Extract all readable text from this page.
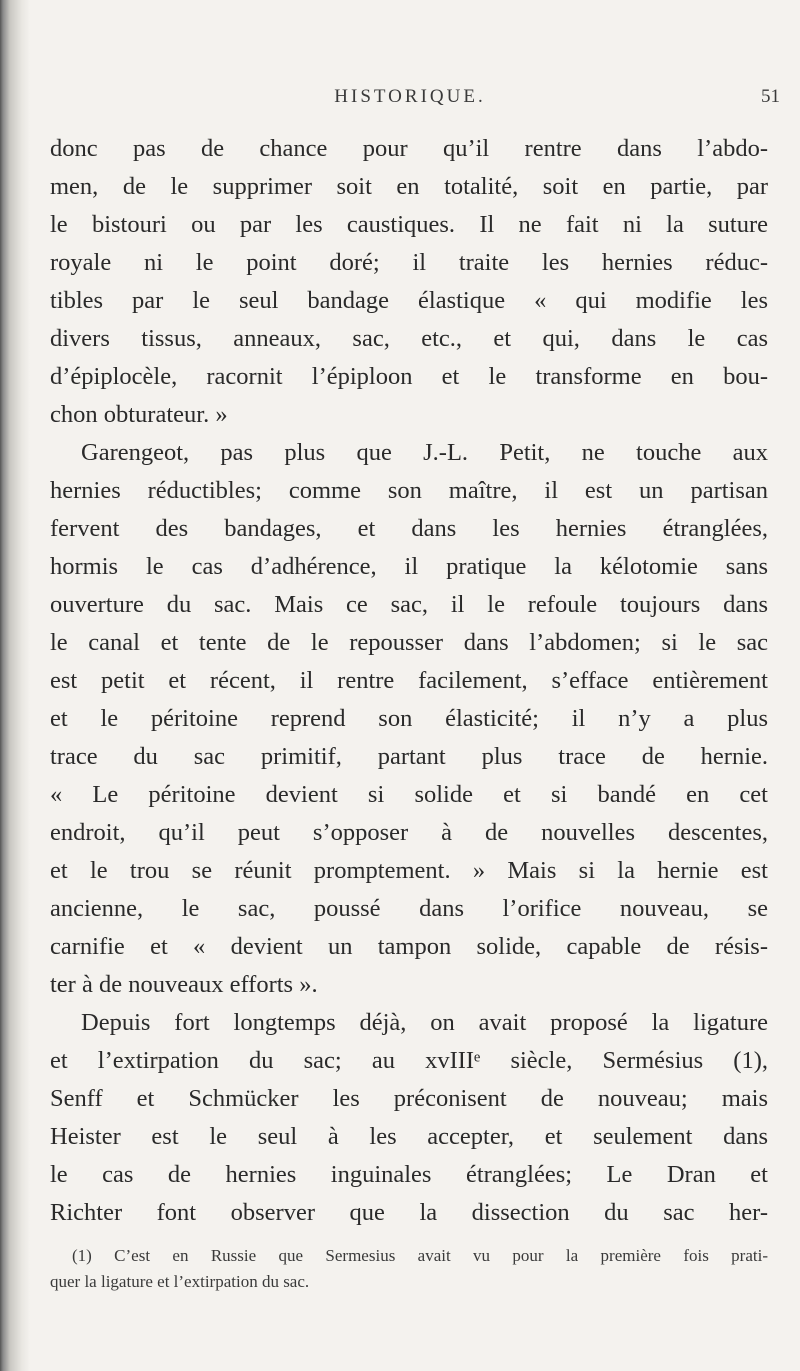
HISTORIQUE.	51
donc pas de chance pour qu’il rentre dans l’abdo-
men, de le supprimer soit en totalité, soit en partie, par
le bistouri ou par les caustiques. Il ne fait ni la suture
royale ni le point doré; il traite les hernies réduc-
tibles par le seul bandage élastique « qui modifie les
divers tissus, anneaux, sac, etc., et qui, dans le cas
d’épiplocèle, racornit l’épiploon et le transforme en bou-
chon obturateur. »
Garengeot, pas plus que J.-L. Petit, ne touche aux
hernies réductibles; comme son maître, il est un partisan
fervent des bandages, et dans les hernies étranglées,
hormis le cas d’adhérence, il pratique la kélotomie sans
ouverture du sac. Mais ce sac, il le refoule toujours dans
le canal et tente de le repousser dans l’abdomen; si le sac
est petit et récent, il rentre facilement, s’efface entièrement
et le péritoine reprend son élasticité; il n’y a plus
trace du sac primitif, partant plus trace de hernie.
« Le péritoine devient si solide et si bandé en cet
endroit, qu’il peut s’opposer à de nouvelles descentes,
et le trou se réunit promptement. » Mais si la hernie est
ancienne, le sac, poussé dans l’orifice nouveau, se
carnifie et « devient un tampon solide, capable de résis-
ter à de nouveaux efforts ».
Depuis fort longtemps déjà, on avait proposé la ligature
et l’extirpation du sac; au xvIIIᵉ siècle, Sermésius (1),
Senff et Schmücker les préconisent de nouveau; mais
Heister est le seul à les accepter, et seulement dans
le cas de hernies inguinales étranglées; Le Dran et
Richter font observer que la dissection du sac her-
(1) C’est en Russie que Sermesius avait vu pour la première fois prati-
quer la ligature et l’extirpation du sac.
